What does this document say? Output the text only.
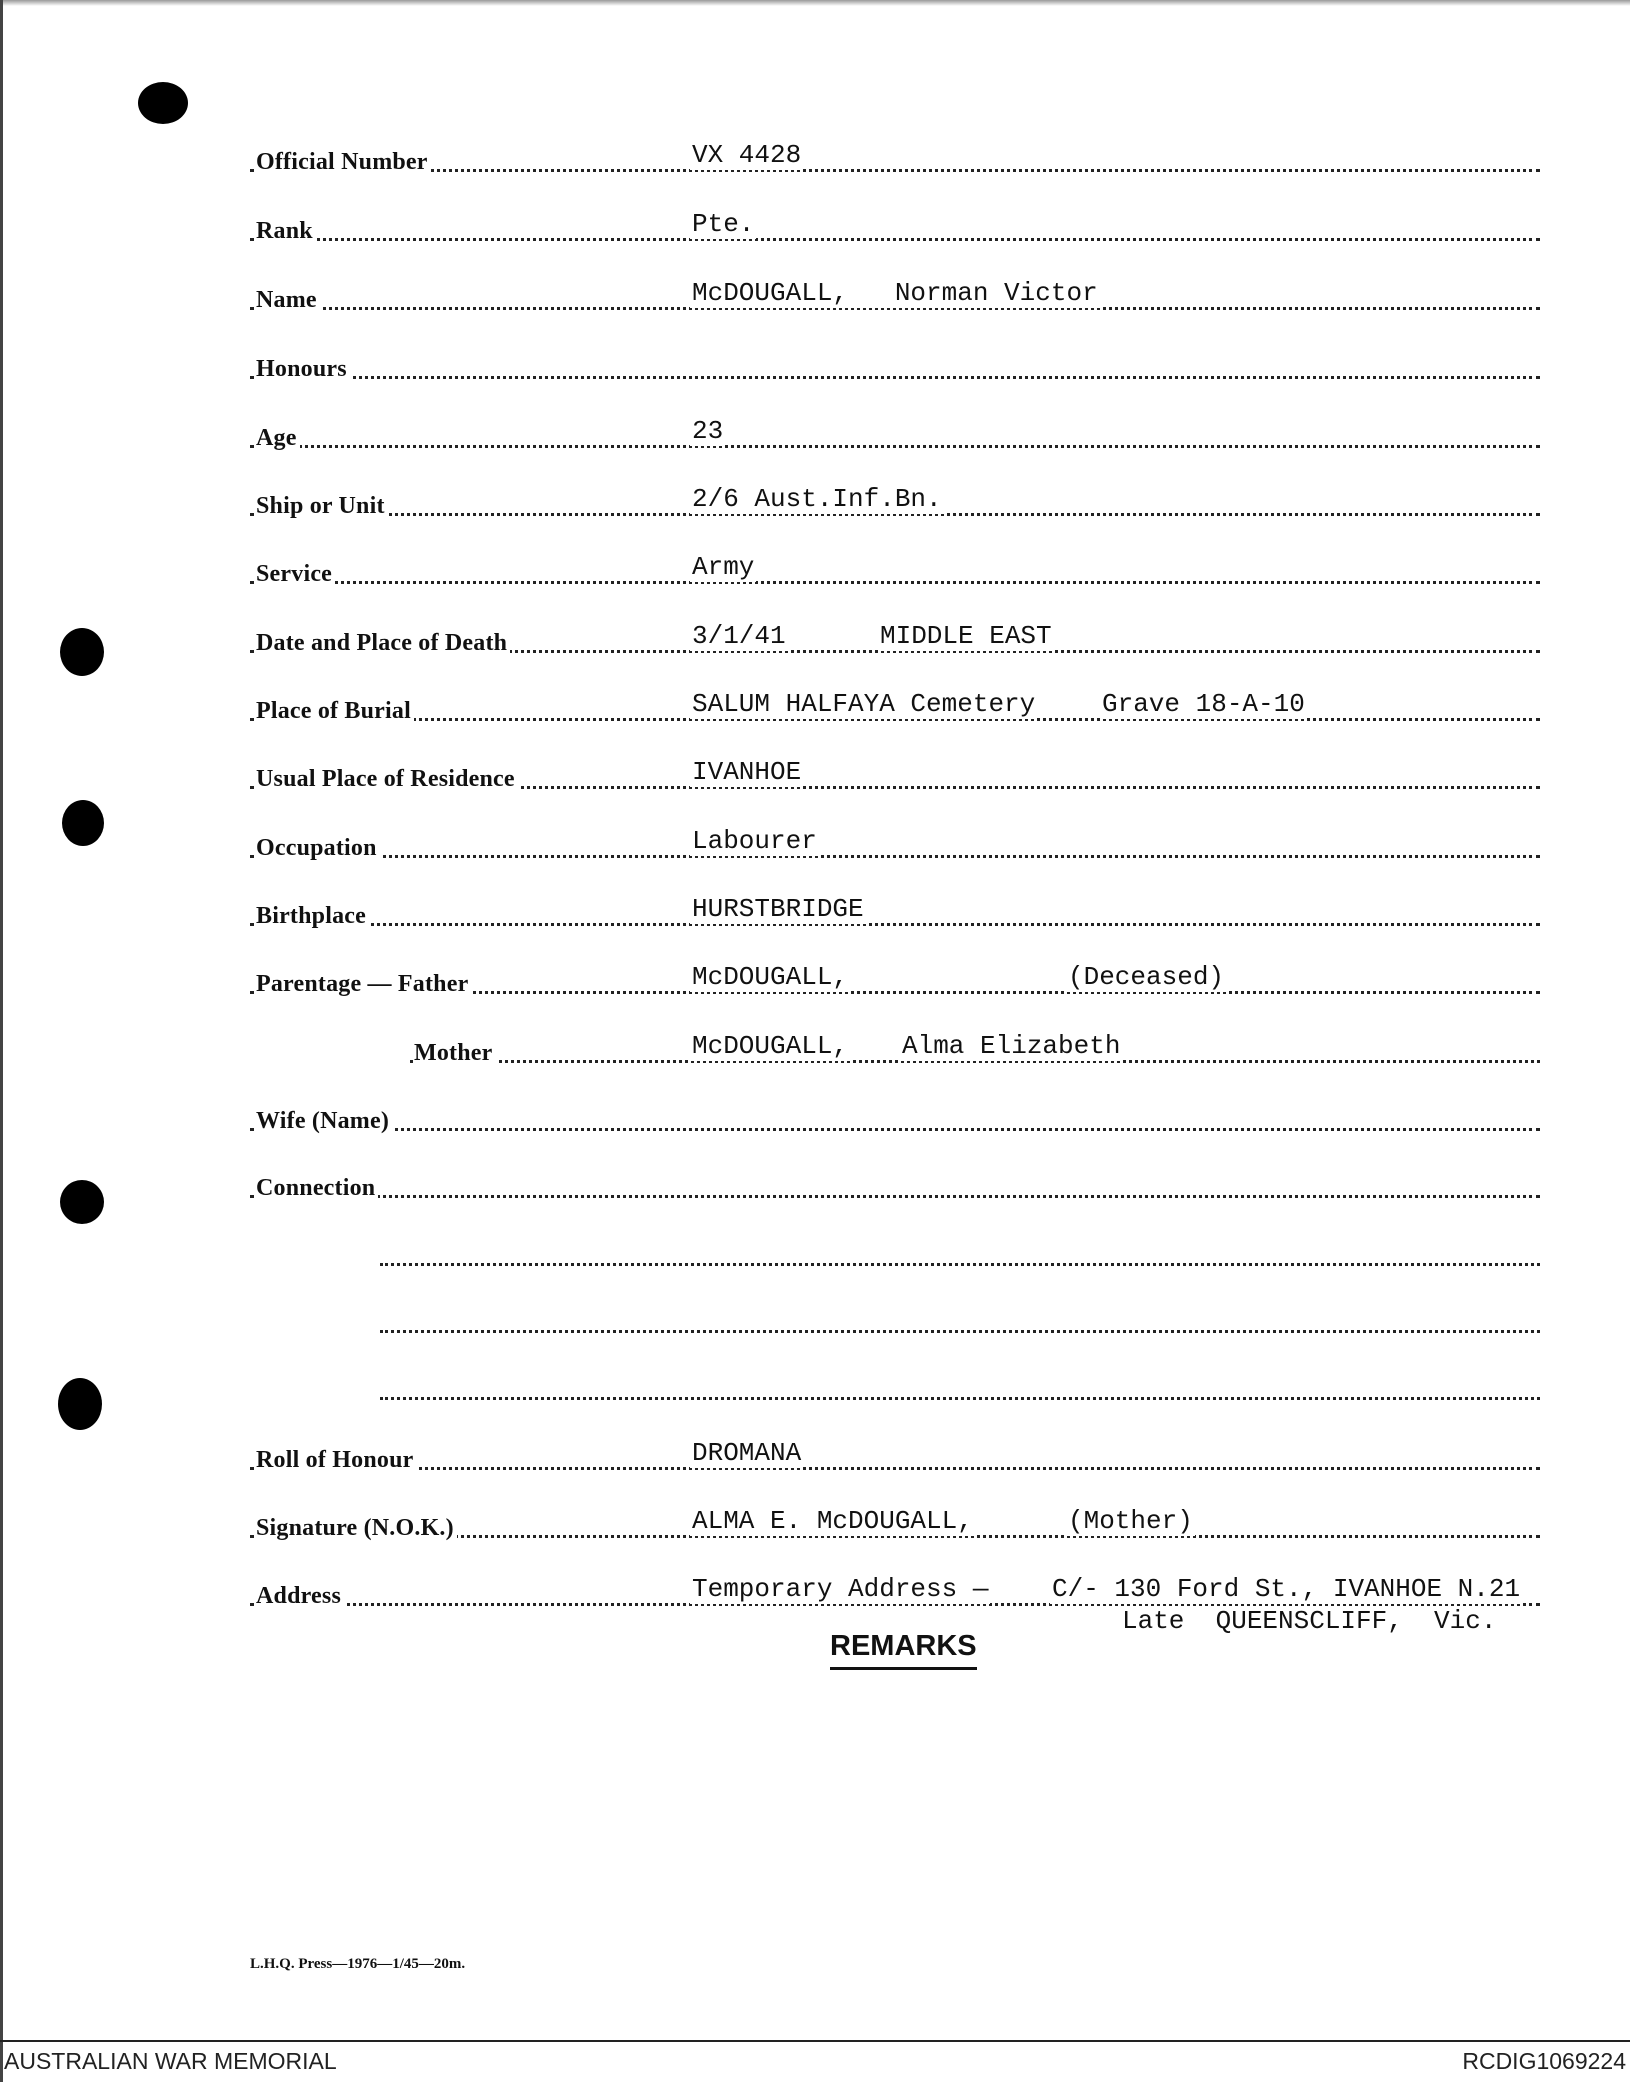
Official Number	VX 4428
Rank	Pte.
Name	McDOUGALL,   Norman Victor
Honours
Age	23
Ship or Unit	2/6 Aust.Inf.Bn.
Service	Army
Date and Place of Death	3/1/41	MIDDLE EAST
Place of Burial	SALUM HALFAYA Cemetery	Grave 18-A-10
Usual Place of Residence	IVANHOE
Occupation	Labourer
Birthplace	HURSTBRIDGE
Parentage — Father	McDOUGALL,	(Deceased)
Mother	McDOUGALL, Alma Elizabeth
Wife (Name)
Connection
Roll of Honour	DROMANA
Signature (N.O.K.)	ALMA E. McDOUGALL,	(Mother)
Address	Temporary Address — C/- 130 Ford St., IVANHOE N.21
Late  QUEENSCLIFF,  Vic.
REMARKS
L.H.Q. Press—1976—1/45—20m.
AUSTRALIAN WAR MEMORIAL	RCDIG1069224
